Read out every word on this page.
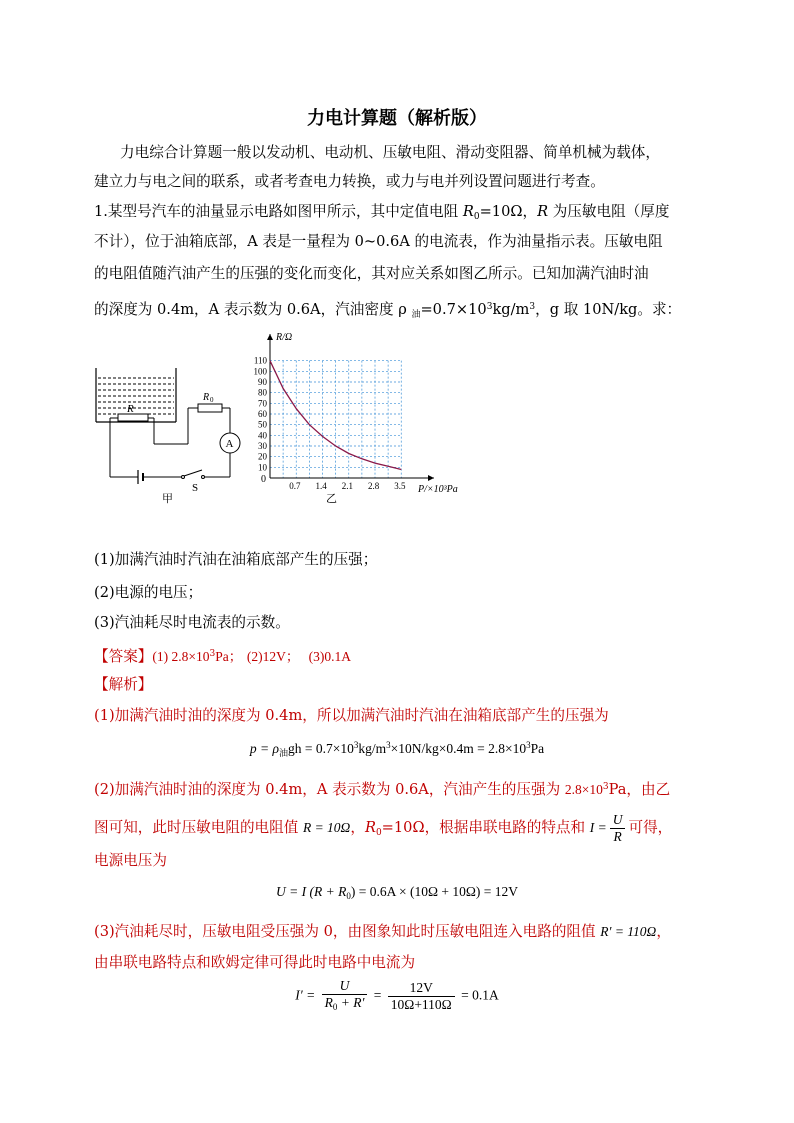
力电计算题（解析版）
力电综合计算题一般以发动机、电动机、压敏电阻、滑动变阻器、简单机械为载体，
建立力与电之间的联系，或者考查电力转换，或力与电并列设置问题进行考查。
1.某型号汽车的油量显示电路如图甲所示，其中定值电阻 $R_0=10\Omega$，R 为压敏电阻（厚度
不计），位于油箱底部，A 表是一量程为 0~0.6A 的电流表，作为油量指示表。压敏电阻
的电阻值随汽油产生的压强的变化而变化，其对应关系如图乙所示。已知加满汽油时油
的深度为 0.4m，A 表示数为 0.6A，汽油密度 ρ $_油=0.7\times 10^3kg/m^3$，g 取 10N/kg。求：
R
R 0
A
S
甲
R/Ω
P/×10³Pa
0
乙
0.7 1.4 2.1 2.8 3.5
10
20
30
40
50
60
70
80
90
100
110
(1)加满汽油时汽油在油箱底部产生的压强；
(2)电源的电压；
(3)汽油耗尽时电流表的示数。
【答案】(1) $2.8\times 10^3Pa$； (2)12V； (3)0.1A
【解析】
(1)加满汽油时油的深度为 0.4m，所以加满汽油时汽油在油箱底部产生的压强为
$p = \rho_油gh = 0.7\times 10^3kg/m^3\times 10N/kg\times 0.4m = 2.8\times 10^3Pa$
(2)加满汽油时油的深度为 0.4m，A 表示数为 0.6A，汽油产生的压强为 $2.8\times 10^3Pa$，由乙
图可知，此时压敏电阻的电阻值 R = 10Ω，$R_0=10\Omega$，根据串联电路的特点和 $I = \frac{U}{R}$ 可得，
电源电压为
U = I $(R + R_0) = 0.6A \times (10\Omega + 10\Omega) = 12V$
(3)汽油耗尽时，压敏电阻受压强为 0，由图象知此时压敏电阻连入电路的阻值 R′ = 110Ω，
由串联电路特点和欧姆定律可得此时电路中电流为
$I' = \frac{U}{R_0 + R'} = \frac{12V}{10\Omega+110\Omega} = 0.1A$
